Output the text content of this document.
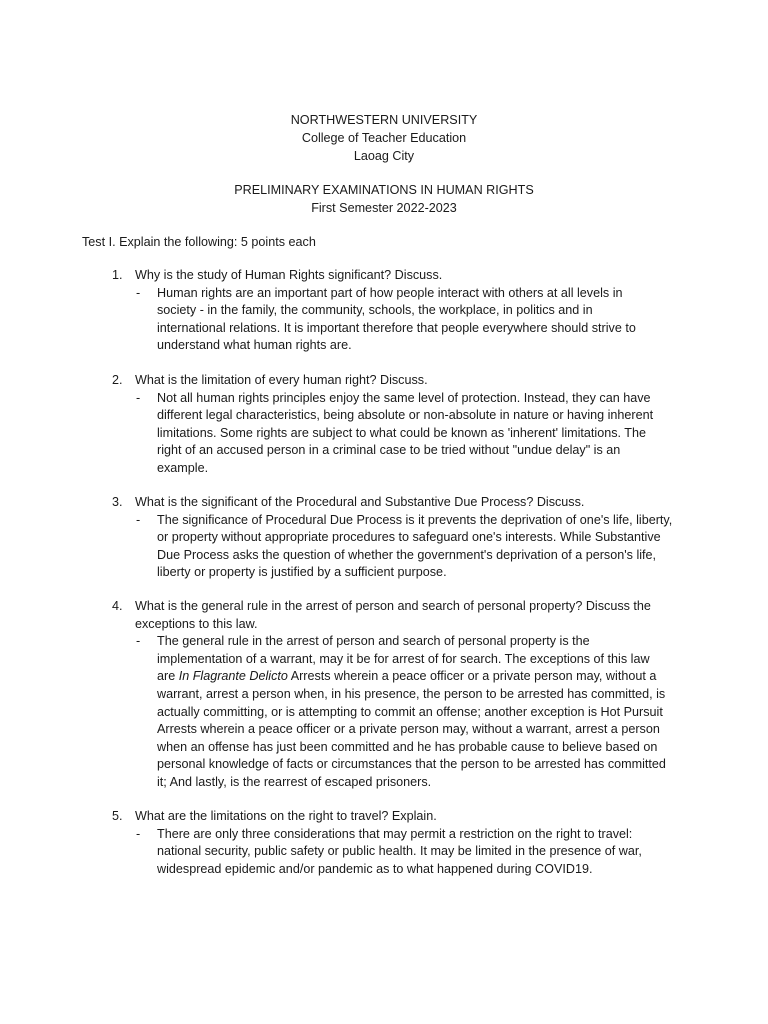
NORTHWESTERN UNIVERSITY
College of Teacher Education
Laoag City
PRELIMINARY EXAMINATIONS IN HUMAN RIGHTS
First Semester 2022-2023
Test I. Explain the following: 5 points each
1. Why is the study of Human Rights significant? Discuss.
- Human rights are an important part of how people interact with others at all levels in
society - in the family, the community, schools, the workplace, in politics and in
international relations. It is important therefore that people everywhere should strive to
understand what human rights are.
2. What is the limitation of every human right? Discuss.
- Not all human rights principles enjoy the same level of protection. Instead, they can have
different legal characteristics, being absolute or non-absolute in nature or having inherent
limitations. Some rights are subject to what could be known as 'inherent' limitations. The
right of an accused person in a criminal case to be tried without "undue delay" is an
example.
3. What is the significant of the Procedural and Substantive Due Process? Discuss.
- The significance of Procedural Due Process is it prevents the deprivation of one's life, liberty,
or property without appropriate procedures to safeguard one's interests. While Substantive
Due Process asks the question of whether the government's deprivation of a person's life,
liberty or property is justified by a sufficient purpose.
4. What is the general rule in the arrest of person and search of personal property? Discuss the
exceptions to this law.
- The general rule in the arrest of person and search of personal property is the
implementation of a warrant, may it be for arrest of for search. The exceptions of this law
are In Flagrante Delicto Arrests wherein a peace officer or a private person may, without a
warrant, arrest a person when, in his presence, the person to be arrested has committed, is
actually committing, or is attempting to commit an offense; another exception is Hot Pursuit
Arrests wherein a peace officer or a private person may, without a warrant, arrest a person
when an offense has just been committed and he has probable cause to believe based on
personal knowledge of facts or circumstances that the person to be arrested has committed
it; And lastly, is the rearrest of escaped prisoners.
5. What are the limitations on the right to travel? Explain.
- There are only three considerations that may permit a restriction on the right to travel:
national security, public safety or public health. It may be limited in the presence of war,
widespread epidemic and/or pandemic as to what happened during COVID19.
